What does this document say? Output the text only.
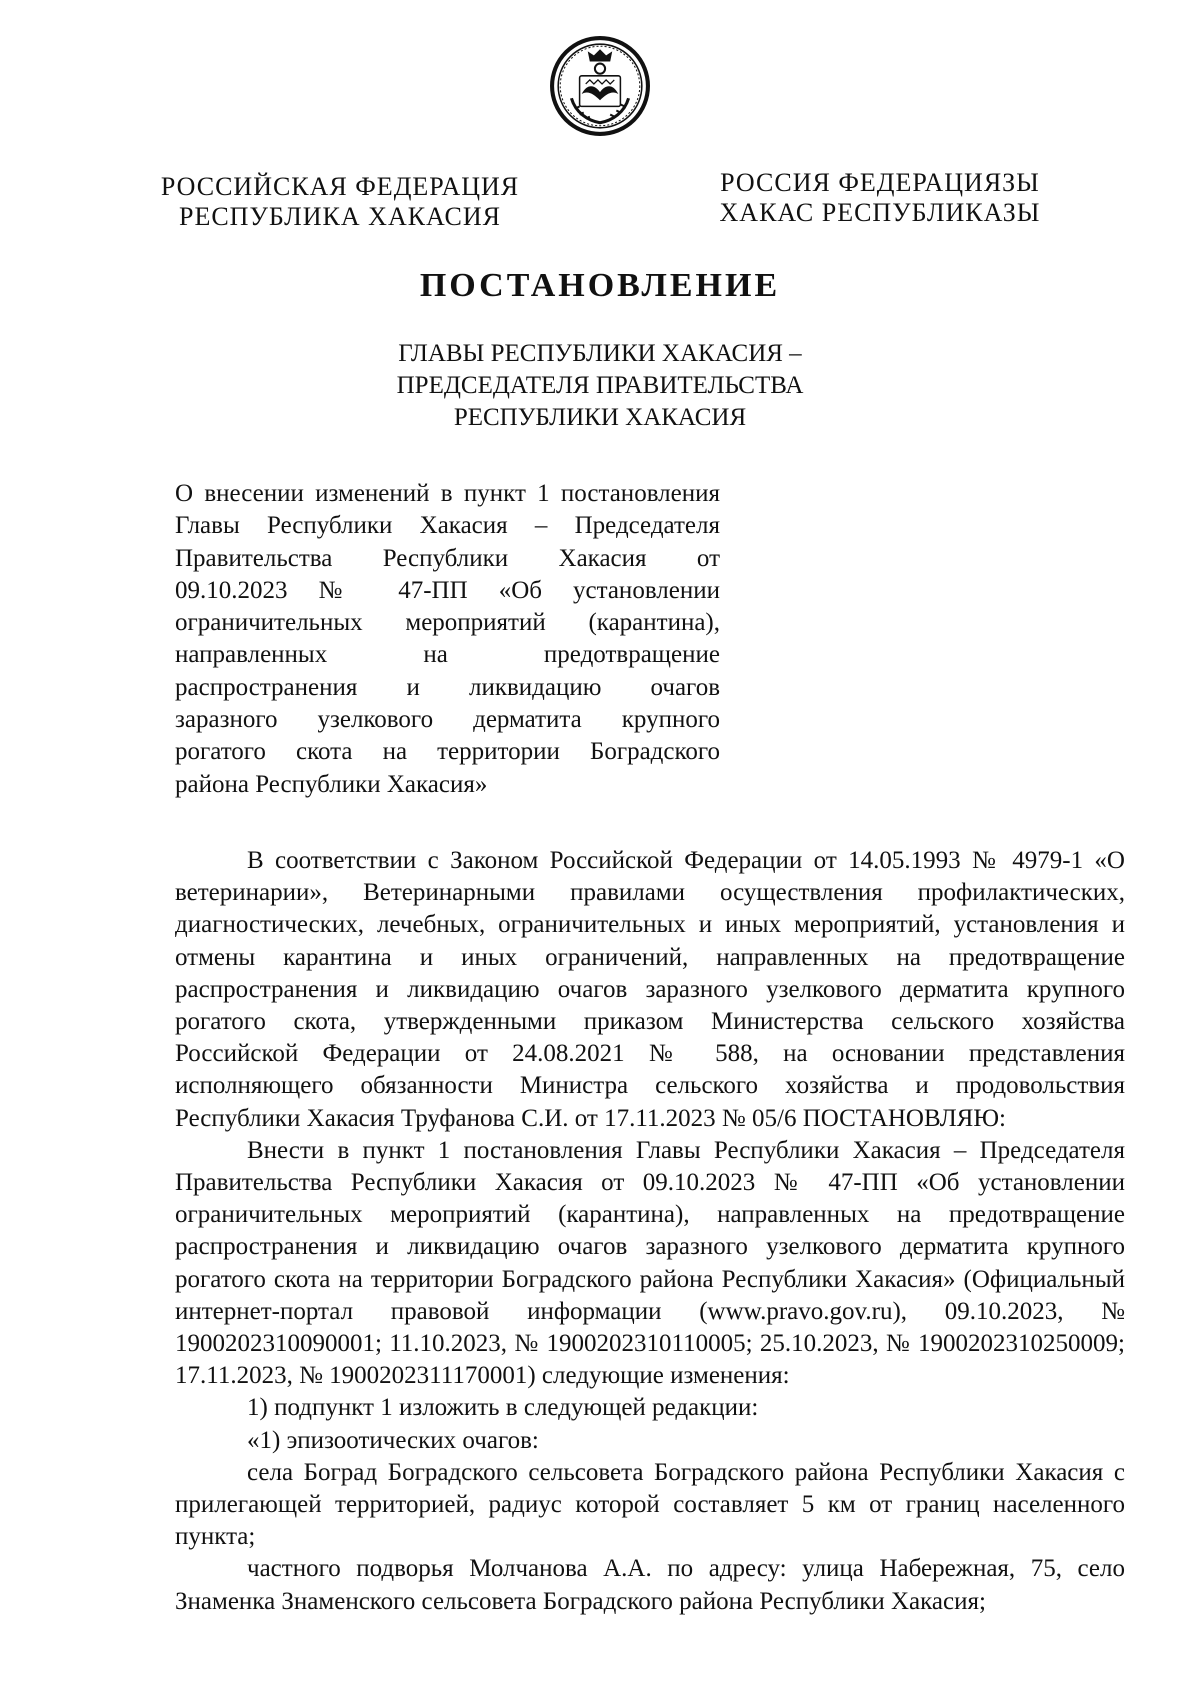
РОССИЙСКАЯ ФЕДЕРАЦИЯ
РЕСПУБЛИКА ХАКАСИЯ
РОССИЯ ФЕДЕРАЦИЯЗЫ
ХАКАС РЕСПУБЛИКАЗЫ
ПОСТАНОВЛЕНИЕ
ГЛАВЫ РЕСПУБЛИКИ ХАКАСИЯ –
ПРЕДСЕДАТЕЛЯ ПРАВИТЕЛЬСТВА
РЕСПУБЛИКИ ХАКАСИЯ
О внесении изменений в пункт 1 постановления
Главы Республики Хакасия – Председателя
Правительства Республики Хакасия от
09.10.2023 № 47-ПП «Об установлении
ограничительных мероприятий (карантина),
направленных на предотвращение
распространения и ликвидацию очагов
заразного узелкового дерматита крупного
рогатого скота на территории Боградского
района Республики Хакасия»

В соответствии с Законом Российской Федерации от 14.05.1993 № 4979-1 «О ветеринарии», Ветеринарными правилами осуществления профилактических, диагностических, лечебных, ограничительных и иных мероприятий, установления и отмены карантина и иных ограничений, направленных на предотвращение распространения и ликвидацию очагов заразного узелкового дерматита крупного рогатого скота, утвержденными приказом Министерства сельского хозяйства Российской Федерации от 24.08.2021 № 588, на основании представления исполняющего обязанности Министра сельского хозяйства и продовольствия Республики Хакасия Труфанова С.И. от 17.11.2023 № 05/6 ПОСТАНОВЛЯЮ:

Внести в пункт 1 постановления Главы Республики Хакасия – Председателя Правительства Республики Хакасия от 09.10.2023 № 47-ПП «Об установлении ограничительных мероприятий (карантина), направленных на предотвращение распространения и ликвидацию очагов заразного узелкового дерматита крупного рогатого скота на территории Боградского района Республики Хакасия» (Официальный интернет-портал правовой информации (www.pravo.gov.ru), 09.10.2023, № 1900202310090001; 11.10.2023, № 1900202310110005; 25.10.2023, № 1900202310250009; 17.11.2023, № 1900202311170001) следующие изменения:

1) подпункт 1 изложить в следующей редакции:

«1) эпизоотических очагов:

села Боград Боградского сельсовета Боградского района Республики Хакасия с прилегающей территорией, радиус которой составляет 5 км от границ населенного пункта;

частного подворья Молчанова А.А. по адресу: улица Набережная, 75, село Знаменка Знаменского сельсовета Боградского района Республики Хакасия;
